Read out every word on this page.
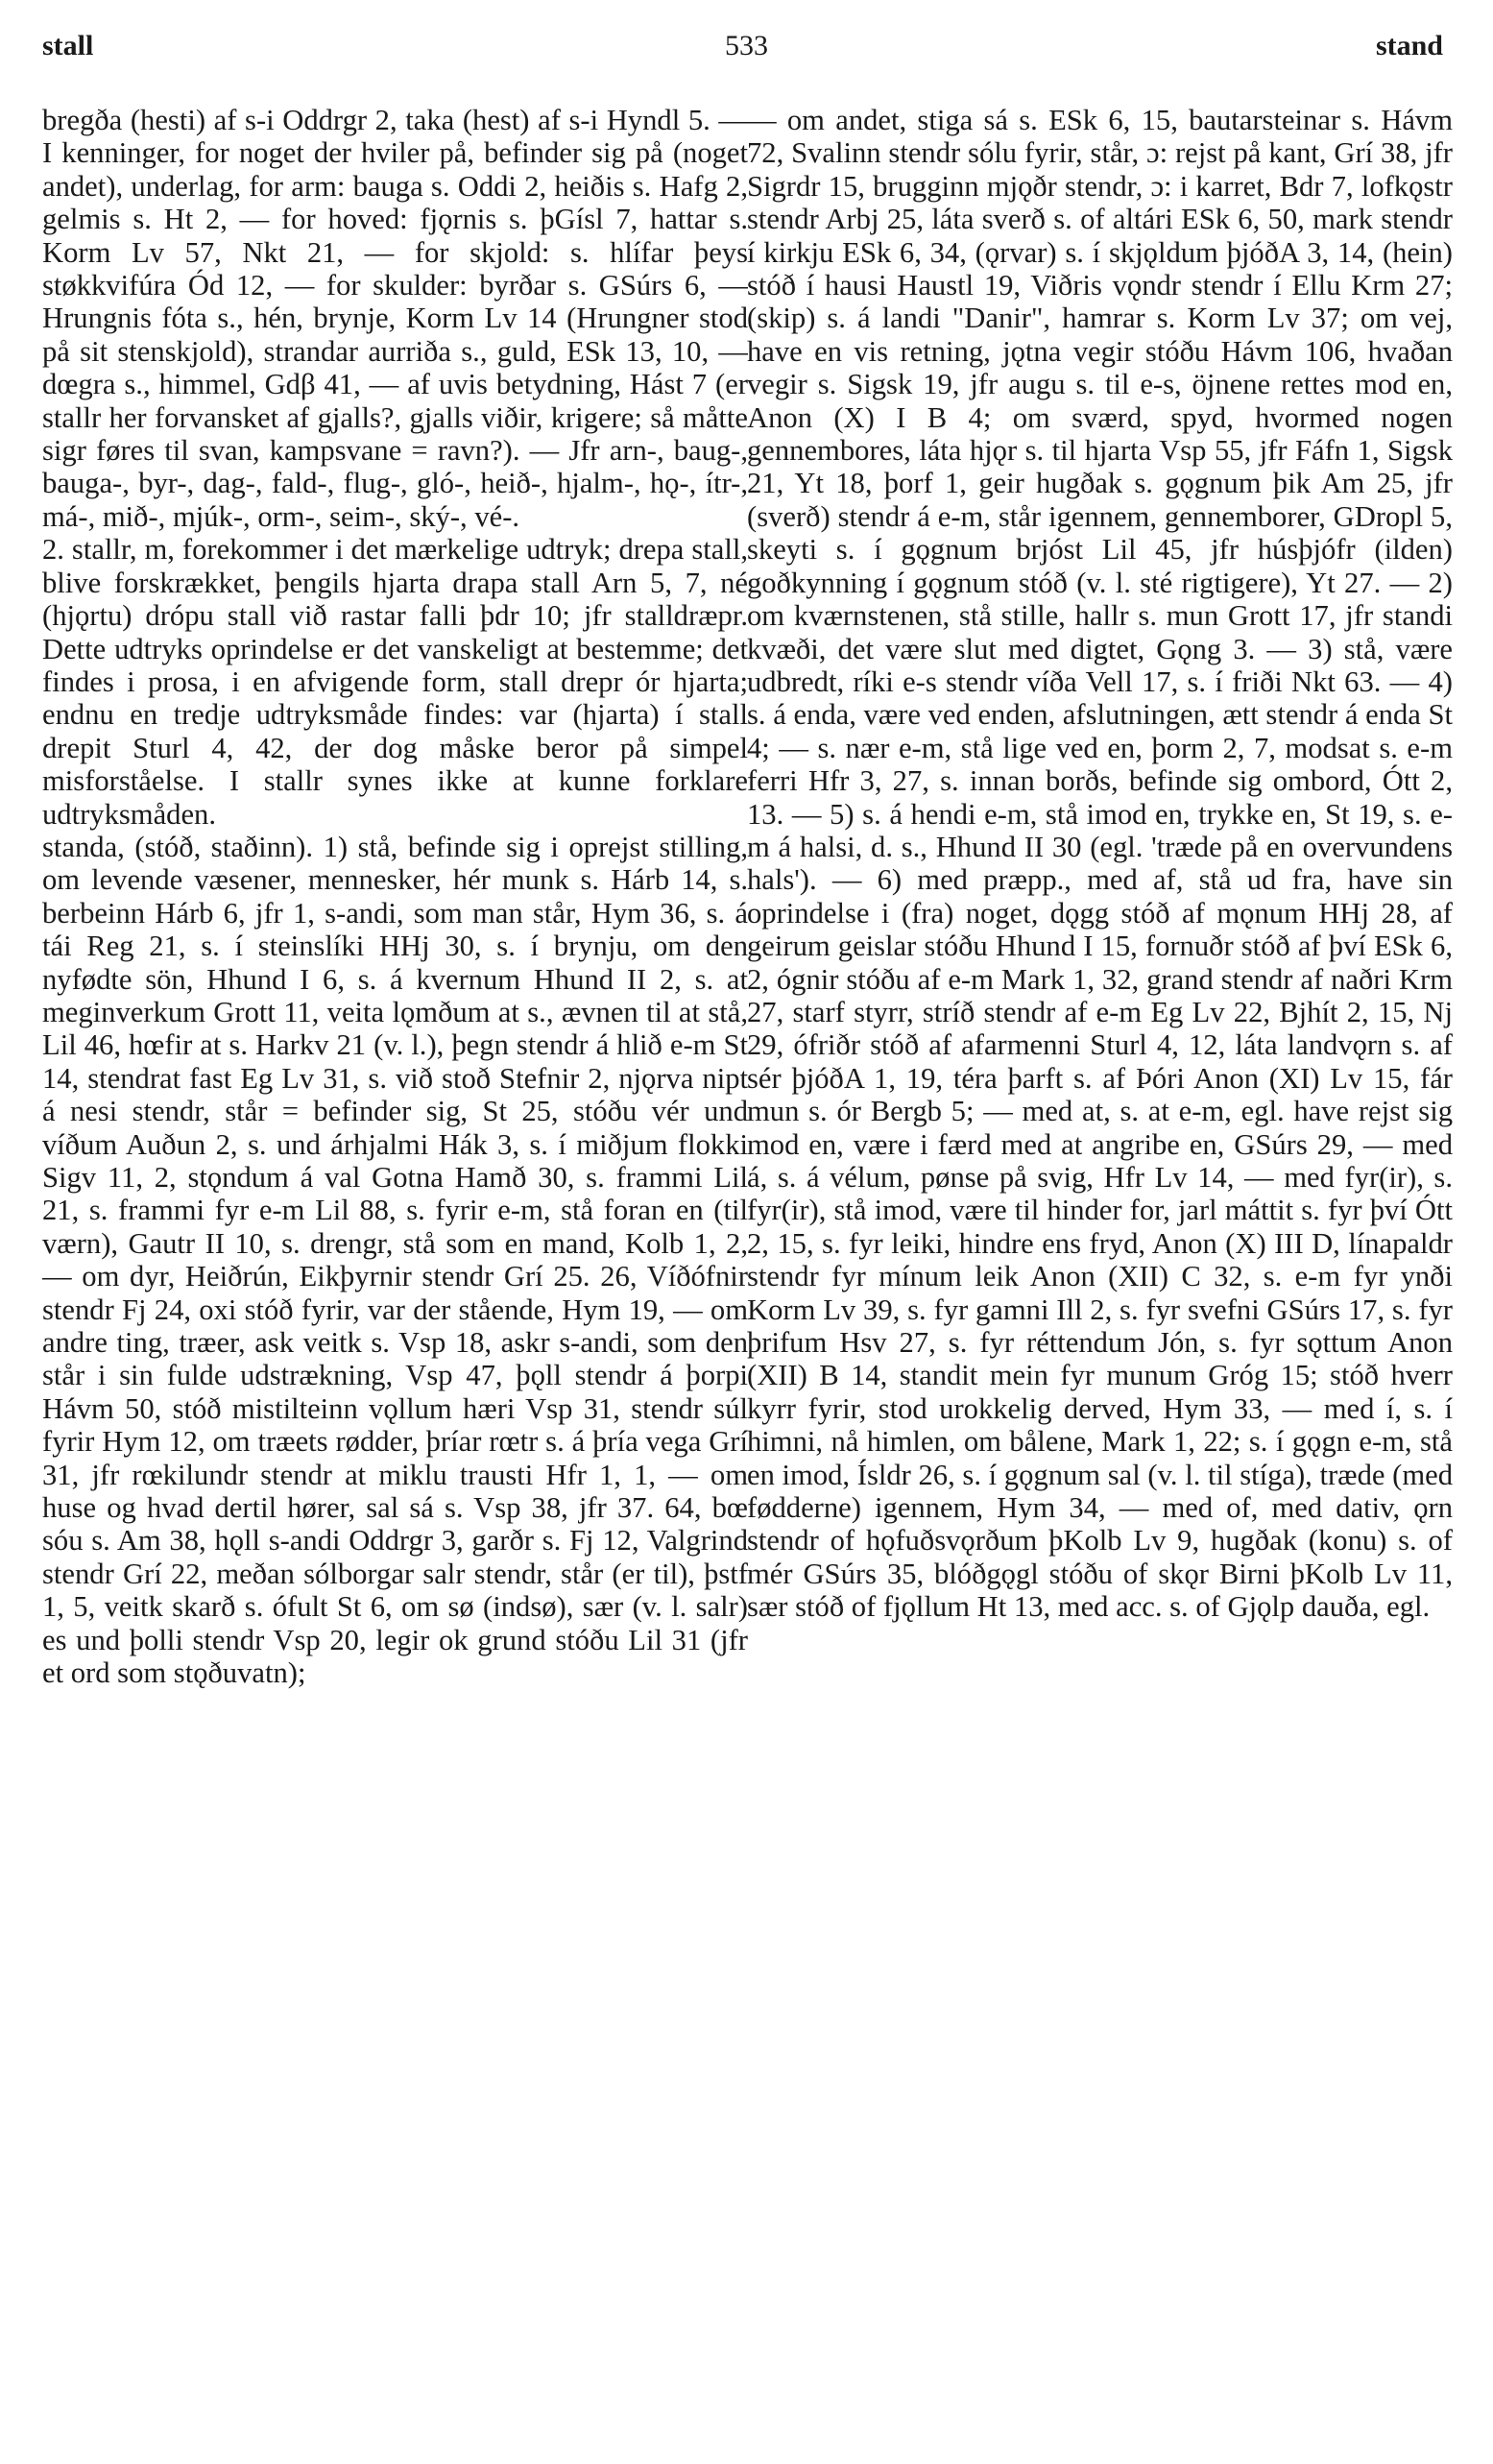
stall	533	stand

bregða (hesti) af s-i Oddrgr 2, taka (hest) af s-i Hyndl 5. — I kenninger, for noget der hviler på, befinder sig på (noget andet), underlag, for arm: bauga s. Oddi 2, heiðis s. Hafg 2, gelmis s. Ht 2, — for hoved: fjǫrnis s. þGísl 7, hattar s. Korm Lv 57, Nkt 21, — for skjold: s. hlífar þeys støkkvifúra Ód 12, — for skulder: byrðar s. GSúrs 6, — Hrungnis fóta s., hén, brynje, Korm Lv 14 (Hrungner stod på sit stenskjold), strandar aurriða s., guld, ESk 13, 10, — dœgra s., himmel, Gdβ 41, — af uvis betydning, Hást 7 (er stallr her forvansket af gjalls?, gjalls viðir, krigere; så måtte sigr føres til svan, kampsvane = ravn?). — Jfr arn-, baug-, bauga-, byr-, dag-, fald-, flug-, gló-, heið-, hjalm-, hǫ-, ítr-, má-, mið-, mjúk-, orm-, seim-, ský-, vé-.

2. stallr, m, forekommer i det mærkelige udtryk; drepa stall, blive forskrækket, þengils hjarta drapa stall Arn 5, 7, né (hjǫrtu) drópu stall við rastar falli þdr 10; jfr stalldræpr. Dette udtryks oprindelse er det vanskeligt at bestemme; det findes i prosa, i en afvigende form, stall drepr ór hjarta; endnu en tredje udtryksmåde findes: var (hjarta) í stall drepit Sturl 4, 42, der dog måske beror på simpel misforståelse. I stallr synes ikke at kunne forklare udtryksmåden.

standa, (stóð, staðinn). 1) stå, befinde sig i oprejst stilling, om levende væsener, mennesker, hér munk s. Hárb 14, s. berbeinn Hárb 6, jfr 1, s-andi, som man står, Hym 36, s. á tái Reg 21, s. í steinslíki HHj 30, s. í brynju, om den nyfødte sön, Hhund I 6, s. á kvernum Hhund II 2, s. at meginverkum Grott 11, veita lǫmðum at s., ævnen til at stå, Lil 46, hœfir at s. Harkv 21 (v. l.), þegn stendr á hlið e-m St 14, stendrat fast Eg Lv 31, s. við stoð Stefnir 2, njǫrva nipt á nesi stendr, står = befinder sig, St 25, stóðu vér und víðum Auðun 2, s. und árhjalmi Hák 3, s. í miðjum flokki Sigv 11, 2, stǫndum á val Gotna Hamð 30, s. frammi Lil 21, s. frammi fyr e-m Lil 88, s. fyrir e-m, stå foran en (til værn), Gautr II 10, s. drengr, stå som en mand, Kolb 1, 2, — om dyr, Heiðrún, Eikþyrnir stendr Grí 25. 26, Víðófnir stendr Fj 24, oxi stóð fyrir, var der stående, Hym 19, — om andre ting, træer, ask veitk s. Vsp 18, askr s-andi, som den står i sin fulde udstrækning, Vsp 47, þǫll stendr á þorpi Hávm 50, stóð mistilteinn vǫllum hæri Vsp 31, stendr súl fyrir Hym 12, om træets rødder, þríar rœtr s. á þría vega Grí 31, jfr rœkilundr stendr at miklu trausti Hfr 1, 1, — om huse og hvad dertil hører, sal sá s. Vsp 38, jfr 37. 64, bœ sóu s. Am 38, hǫll s-andi Oddrgr 3, garðr s. Fj 12, Valgrind stendr Grí 22, meðan sólborgar salr stendr, står (er til), þstf 1, 5, veitk skarð s. ófult St 6, om sø (indsø), sær (v. l. salr) es und þolli stendr Vsp 20, legir ok grund stóðu Lil 31 (jfr et ord som stǫðuvatn);

— om andet, stiga sá s. ESk 6, 15, bautarsteinar s. Hávm 72, Svalinn stendr sólu fyrir, står, ɔ: rejst på kant, Grí 38, jfr Sigrdr 15, brugginn mjǫðr stendr, ɔ: i karret, Bdr 7, lofkǫstr stendr Arbj 25, láta sverð s. of altári ESk 6, 50, mark stendr í kirkju ESk 6, 34, (ǫrvar) s. í skjǫldum þjóðA 3, 14, (hein) stóð í hausi Haustl 19, Viðris vǫndr stendr í Ellu Krm 27; (skip) s. á landi "Danir", hamrar s. Korm Lv 37; om vej, have en vis retning, jǫtna vegir stóðu Hávm 106, hvaðan vegir s. Sigsk 19, jfr augu s. til e-s, öjnene rettes mod en, Anon (X) I B 4; om sværd, spyd, hvormed nogen gennembores, láta hjǫr s. til hjarta Vsp 55, jfr Fáfn 1, Sigsk 21, Yt 18, þorf 1, geir hugðak s. gǫgnum þik Am 25, jfr (sverð) stendr á e-m, står igennem, gennemborer, GDropl 5, skeyti s. í gǫgnum brjóst Lil 45, jfr húsþjófr (ilden) goðkynning í gǫgnum stóð (v. l. sté rigtigere), Yt 27. — 2) om kværnstenen, stå stille, hallr s. mun Grott 17, jfr standi kvæði, det være slut med digtet, Gǫng 3. — 3) stå, være udbredt, ríki e-s stendr víða Vell 17, s. í friði Nkt 63. — 4) s. á enda, være ved enden, afslutningen, ætt stendr á enda St 4; — s. nær e-m, stå lige ved en, þorm 2, 7, modsat s. e-m ferri Hfr 3, 27, s. innan borðs, befinde sig ombord, Ótt 2, 13. — 5) s. á hendi e-m, stå imod en, trykke en, St 19, s. e-m á halsi, d. s., Hhund II 30 (egl. 'træde på en overvundens hals'). — 6) med præpp., med af, stå ud fra, have sin oprindelse i (fra) noget, dǫgg stóð af mǫnum HHj 28, af geirum geislar stóðu Hhund I 15, fornuðr stóð af því ESk 6, 2, ógnir stóðu af e-m Mark 1, 32, grand stendr af naðri Krm 27, starf styrr, stríð stendr af e-m Eg Lv 22, Bjhít 2, 15, Nj 29, ófriðr stóð af afarmenni Sturl 4, 12, láta landvǫrn s. af sér þjóðA 1, 19, téra þarft s. af Þóri Anon (XI) Lv 15, fár mun s. ór Bergb 5; — med at, s. at e-m, egl. have rejst sig mod en, være i færd med at angribe en, GSúrs 29, — med á, s. á vélum, pønse på svig, Hfr Lv 14, — med fyr(ir), s. fyr(ir), stå imod, være til hinder for, jarl máttit s. fyr því Ótt 2, 15, s. fyr leiki, hindre ens fryd, Anon (X) III D, línapaldr stendr fyr mínum leik Anon (XII) C 32, s. e-m fyr ynði Korm Lv 39, s. fyr gamni Ill 2, s. fyr svefni GSúrs 17, s. fyr þrifum Hsv 27, s. fyr réttendum Jón, s. fyr sǫttum Anon (XII) B 14, standit mein fyr munum Gróg 15; stóð hverr kyrr fyrir, stod urokkelig derved, Hym 33, — med í, s. í himni, nå himlen, om bålene, Mark 1, 22; s. í gǫgn e-m, stå en imod, Ísldr 26, s. í gǫgnum sal (v. l. til stíga), træde (med fødderne) igennem, Hym 34, — med of, med dativ, ǫrn stendr of hǫfuðsvǫrðum þKolb Lv 9, hugðak (konu) s. of mér GSúrs 35, blóðgǫgl stóðu of skǫr Birni þKolb Lv 11, sær stóð of fjǫllum Ht 13, med acc. s. of Gjǫlp dauða, egl.
